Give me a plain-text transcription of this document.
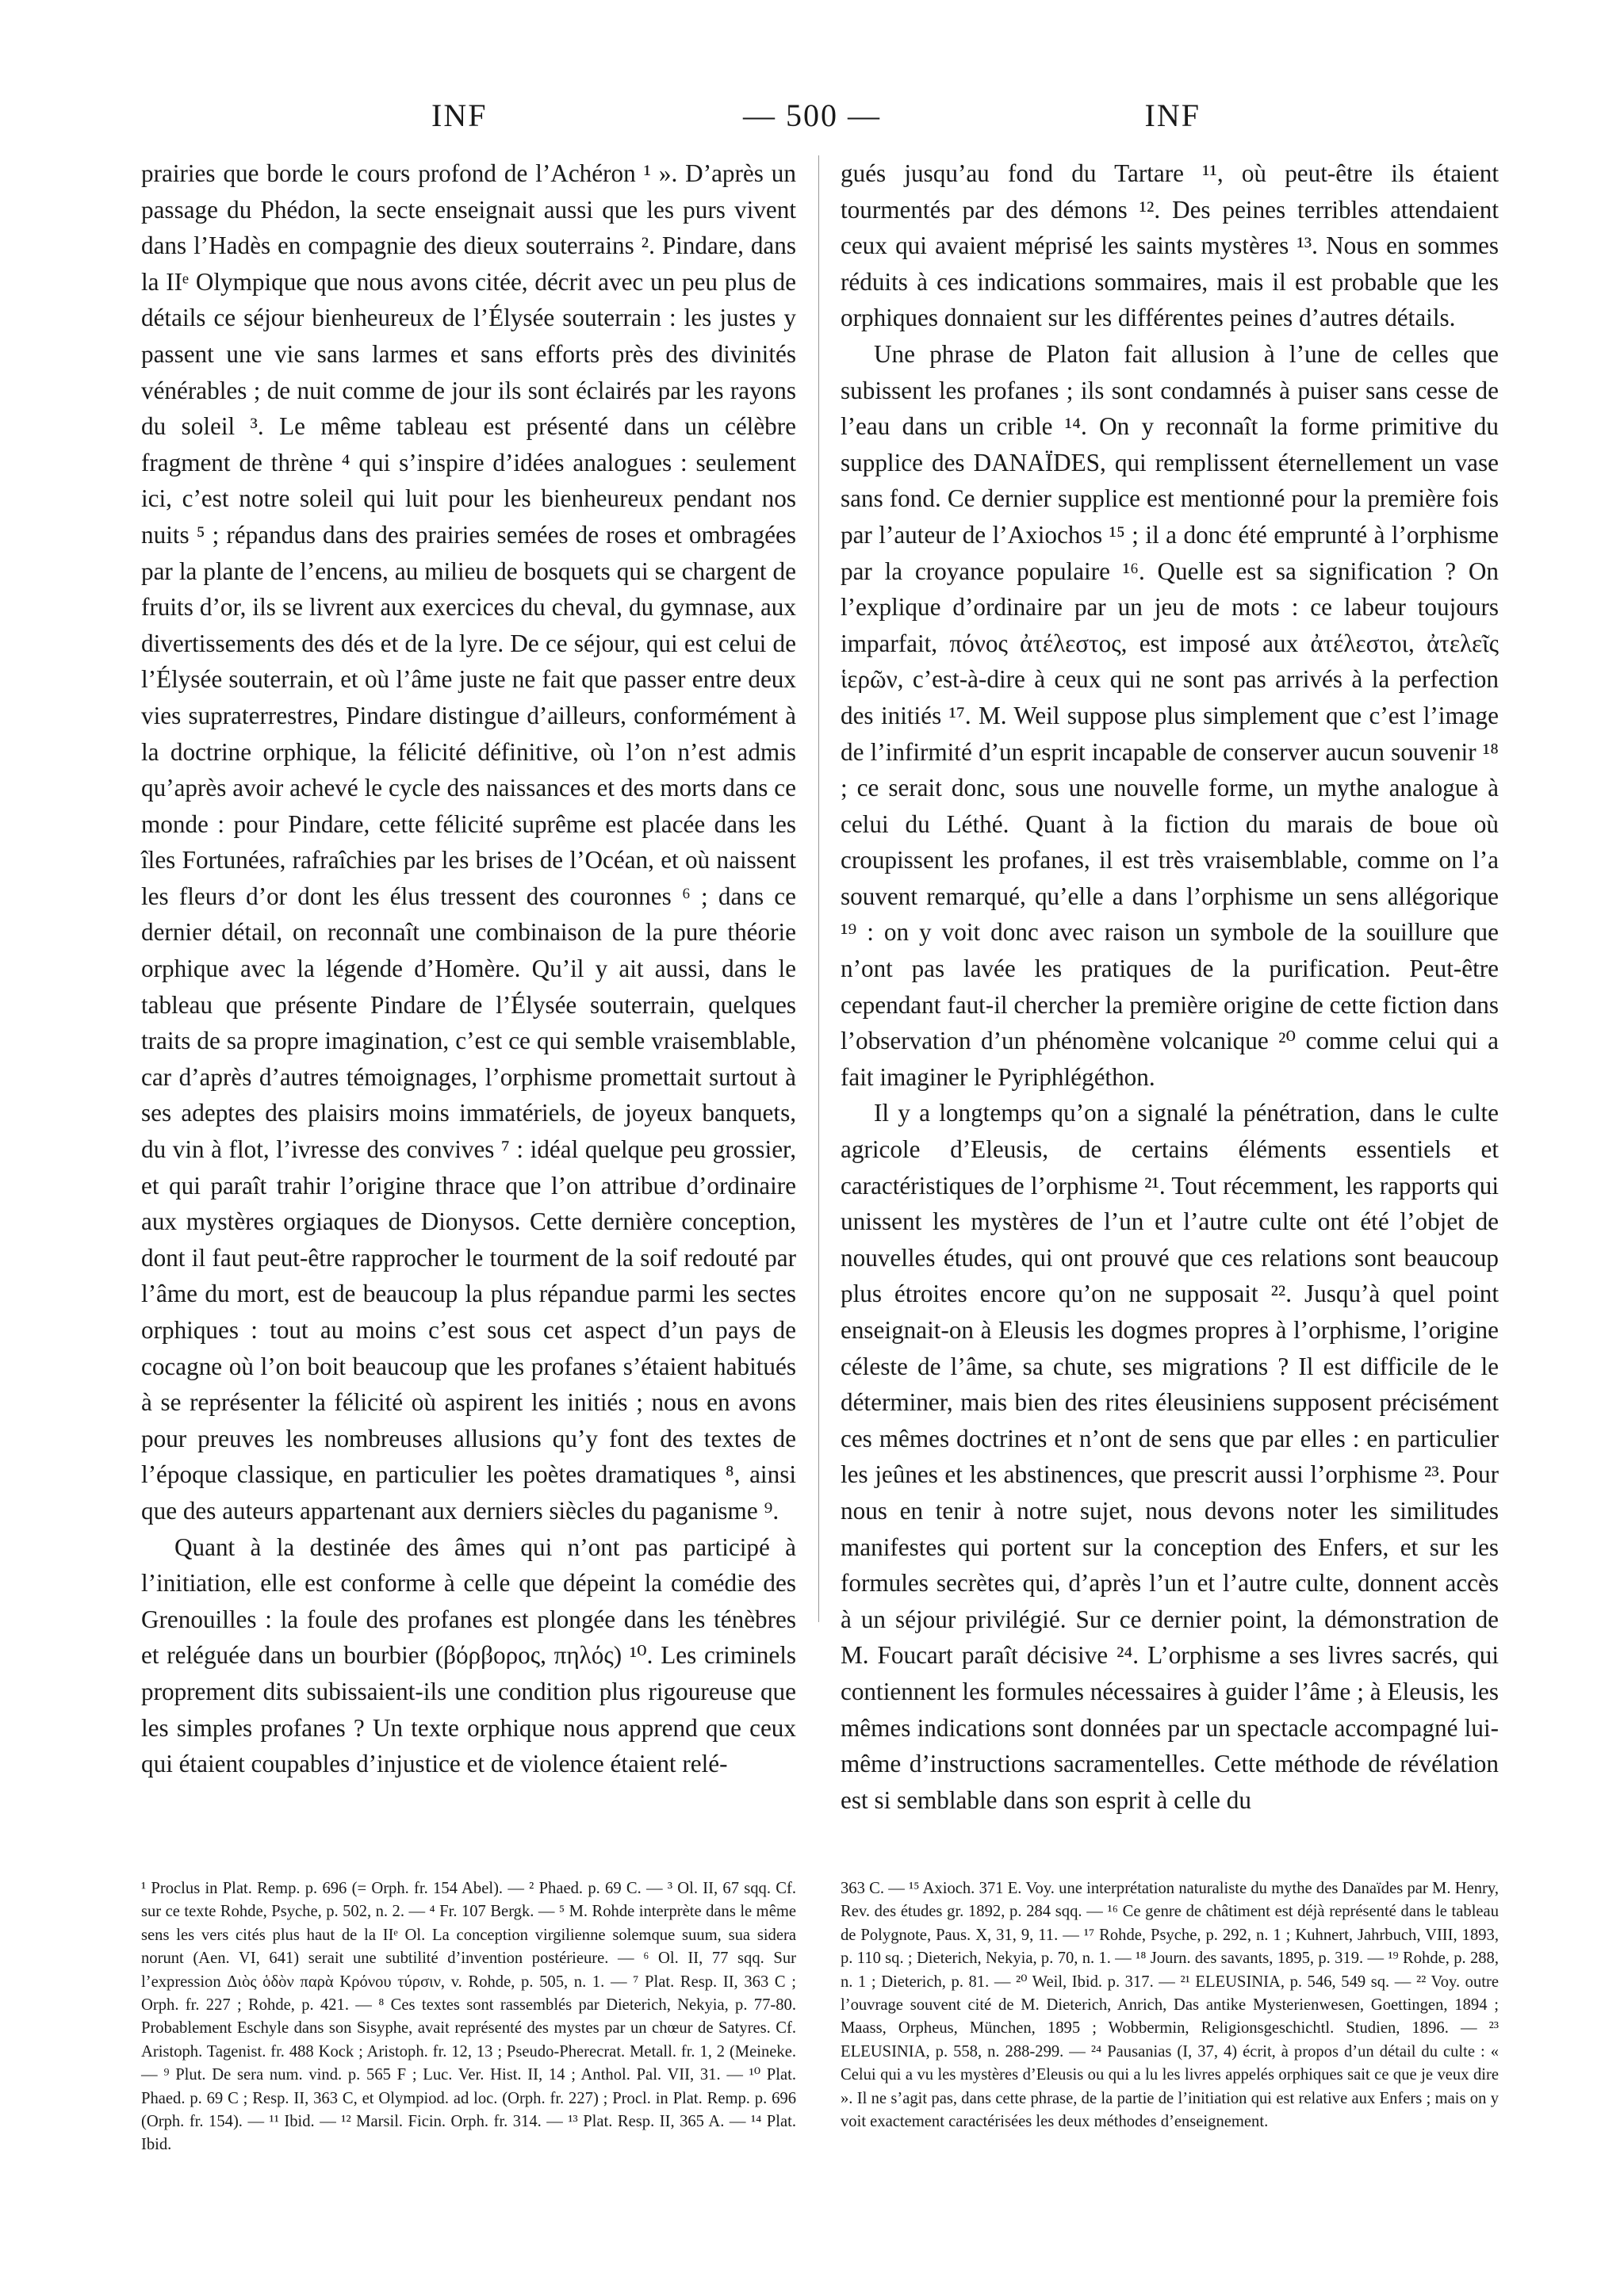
INF	— 500 —	INF

prairies que borde le cours profond de l’Achéron ¹ ». D’après un passage du Phédon, la secte enseignait aussi que les purs vivent dans l’Hadès en compagnie des dieux souterrains ². Pindare, dans la IIᵉ Olympique que nous avons citée, décrit avec un peu plus de détails ce séjour bienheureux de l’Élysée souterrain : les justes y passent une vie sans larmes et sans efforts près des divinités vénérables ; de nuit comme de jour ils sont éclairés par les rayons du soleil ³. Le même tableau est présenté dans un célèbre fragment de thrène ⁴ qui s’inspire d’idées analogues : seulement ici, c’est notre soleil qui luit pour les bienheureux pendant nos nuits ⁵ ; répandus dans des prairies semées de roses et ombragées par la plante de l’encens, au milieu de bosquets qui se chargent de fruits d’or, ils se livrent aux exercices du cheval, du gymnase, aux divertissements des dés et de la lyre. De ce séjour, qui est celui de l’Élysée souterrain, et où l’âme juste ne fait que passer entre deux vies supraterrestres, Pindare distingue d’ailleurs, conformément à la doctrine orphique, la félicité définitive, où l’on n’est admis qu’après avoir achevé le cycle des naissances et des morts dans ce monde : pour Pindare, cette félicité suprême est placée dans les îles Fortunées, rafraîchies par les brises de l’Océan, et où naissent les fleurs d’or dont les élus tressent des couronnes ⁶ ; dans ce dernier détail, on reconnaît une combinaison de la pure théorie orphique avec la légende d’Homère. Qu’il y ait aussi, dans le tableau que présente Pindare de l’Élysée souterrain, quelques traits de sa propre imagination, c’est ce qui semble vraisemblable, car d’après d’autres témoignages, l’orphisme promettait surtout à ses adeptes des plaisirs moins immatériels, de joyeux banquets, du vin à flot, l’ivresse des convives ⁷ : idéal quelque peu grossier, et qui paraît trahir l’origine thrace que l’on attribue d’ordinaire aux mystères orgiaques de Dionysos. Cette dernière conception, dont il faut peut-être rapprocher le tourment de la soif redouté par l’âme du mort, est de beaucoup la plus répandue parmi les sectes orphiques : tout au moins c’est sous cet aspect d’un pays de cocagne où l’on boit beaucoup que les profanes s’étaient habitués à se représenter la félicité où aspirent les initiés ; nous en avons pour preuves les nombreuses allusions qu’y font des textes de l’époque classique, en particulier les poètes dramatiques ⁸, ainsi que des auteurs appartenant aux derniers siècles du paganisme ⁹.

Quant à la destinée des âmes qui n’ont pas participé à l’initiation, elle est conforme à celle que dépeint la comédie des Grenouilles : la foule des profanes est plongée dans les ténèbres et reléguée dans un bourbier (βόρβορος, πηλός) ¹⁰. Les criminels proprement dits subissaient-ils une condition plus rigoureuse que les simples profanes ? Un texte orphique nous apprend que ceux qui étaient coupables d’injustice et de violence étaient relé-

gués jusqu’au fond du Tartare ¹¹, où peut-être ils étaient tourmentés par des démons ¹². Des peines terribles attendaient ceux qui avaient méprisé les saints mystères ¹³. Nous en sommes réduits à ces indications sommaires, mais il est probable que les orphiques donnaient sur les différentes peines d’autres détails.

Une phrase de Platon fait allusion à l’une de celles que subissent les profanes ; ils sont condamnés à puiser sans cesse de l’eau dans un crible ¹⁴. On y reconnaît la forme primitive du supplice des DANAÏDES, qui remplissent éternellement un vase sans fond. Ce dernier supplice est mentionné pour la première fois par l’auteur de l’Axiochos ¹⁵ ; il a donc été emprunté à l’orphisme par la croyance populaire ¹⁶. Quelle est sa signification ? On l’explique d’ordinaire par un jeu de mots : ce labeur toujours imparfait, πόνος ἀτέλεστος, est imposé aux ἀτέλεστοι, ἀτελεῖς ἱερῶν, c’est-à-dire à ceux qui ne sont pas arrivés à la perfection des initiés ¹⁷. M. Weil suppose plus simplement que c’est l’image de l’infirmité d’un esprit incapable de conserver aucun souvenir ¹⁸ ; ce serait donc, sous une nouvelle forme, un mythe analogue à celui du Léthé. Quant à la fiction du marais de boue où croupissent les profanes, il est très vraisemblable, comme on l’a souvent remarqué, qu’elle a dans l’orphisme un sens allégorique ¹⁹ : on y voit donc avec raison un symbole de la souillure que n’ont pas lavée les pratiques de la purification. Peut-être cependant faut-il chercher la première origine de cette fiction dans l’observation d’un phénomène volcanique ²⁰ comme celui qui a fait imaginer le Pyriphlégéthon.

Il y a longtemps qu’on a signalé la pénétration, dans le culte agricole d’Eleusis, de certains éléments essentiels et caractéristiques de l’orphisme ²¹. Tout récemment, les rapports qui unissent les mystères de l’un et l’autre culte ont été l’objet de nouvelles études, qui ont prouvé que ces relations sont beaucoup plus étroites encore qu’on ne supposait ²². Jusqu’à quel point enseignait-on à Eleusis les dogmes propres à l’orphisme, l’origine céleste de l’âme, sa chute, ses migrations ? Il est difficile de le déterminer, mais bien des rites éleusiniens supposent précisément ces mêmes doctrines et n’ont de sens que par elles : en particulier les jeûnes et les abstinences, que prescrit aussi l’orphisme ²³. Pour nous en tenir à notre sujet, nous devons noter les similitudes manifestes qui portent sur la conception des Enfers, et sur les formules secrètes qui, d’après l’un et l’autre culte, donnent accès à un séjour privilégié. Sur ce dernier point, la démonstration de M. Foucart paraît décisive ²⁴. L’orphisme a ses livres sacrés, qui contiennent les formules nécessaires à guider l’âme ; à Eleusis, les mêmes indications sont données par un spectacle accompagné lui-même d’instructions sacramentelles. Cette méthode de révélation est si semblable dans son esprit à celle du

¹ Proclus in Plat. Remp. p. 696 (= Orph. fr. 154 Abel). — ² Phaed. p. 69 C. — ³ Ol. II, 67 sqq. Cf. sur ce texte Rohde, Psyche, p. 502, n. 2. — ⁴ Fr. 107 Bergk. — ⁵ M. Rohde interprète dans le même sens les vers cités plus haut de la IIᵉ Ol. La conception virgilienne solemque suum, sua sidera norunt (Aen. VI, 641) serait une subtilité d’invention postérieure. — ⁶ Ol. II, 77 sqq. Sur l’expression Διὸς ὁδὸν παρὰ Κρόνου τύρσιν, v. Rohde, p. 505, n. 1. — ⁷ Plat. Resp. II, 363 C ; Orph. fr. 227 ; Rohde, p. 421. — ⁸ Ces textes sont rassemblés par Dieterich, Nekyia, p. 77-80. Probablement Eschyle dans son Sisyphe, avait représenté des mystes par un chœur de Satyres. Cf. Aristoph. Tagenist. fr. 488 Kock ; Aristoph. fr. 12, 13 ; Pseudo-Pherecrat. Metall. fr. 1, 2 (Meineke. — ⁹ Plut. De sera num. vind. p. 565 F ; Luc. Ver. Hist. II, 14 ; Anthol. Pal. VII, 31. — ¹⁰ Plat. Phaed. p. 69 C ; Resp. II, 363 C, et Olympiod. ad loc. (Orph. fr. 227) ; Procl. in Plat. Remp. p. 696 (Orph. fr. 154). — ¹¹ Ibid. — ¹² Marsil. Ficin. Orph. fr. 314. — ¹³ Plat. Resp. II, 365 A. — ¹⁴ Plat. Ibid.

363 C. — ¹⁵ Axioch. 371 E. Voy. une interprétation naturaliste du mythe des Danaïdes par M. Henry, Rev. des études gr. 1892, p. 284 sqq. — ¹⁶ Ce genre de châtiment est déjà représenté dans le tableau de Polygnote, Paus. X, 31, 9, 11. — ¹⁷ Rohde, Psyche, p. 292, n. 1 ; Kuhnert, Jahrbuch, VIII, 1893, p. 110 sq. ; Dieterich, Nekyia, p. 70, n. 1. — ¹⁸ Journ. des savants, 1895, p. 319. — ¹⁹ Rohde, p. 288, n. 1 ; Dieterich, p. 81. — ²⁰ Weil, Ibid. p. 317. — ²¹ ELEUSINIA, p. 546, 549 sq. — ²² Voy. outre l’ouvrage souvent cité de M. Dieterich, Anrich, Das antike Mysterienwesen, Goettingen, 1894 ; Maass, Orpheus, München, 1895 ; Wobbermin, Religionsgeschichtl. Studien, 1896. — ²³ ELEUSINIA, p. 558, n. 288-299. — ²⁴ Pausanias (I, 37, 4) écrit, à propos d’un détail du culte : « Celui qui a vu les mystères d’Eleusis ou qui a lu les livres appelés orphiques sait ce que je veux dire ». Il ne s’agit pas, dans cette phrase, de la partie de l’initiation qui est relative aux Enfers ; mais on y voit exactement caractérisées les deux méthodes d’enseignement.
